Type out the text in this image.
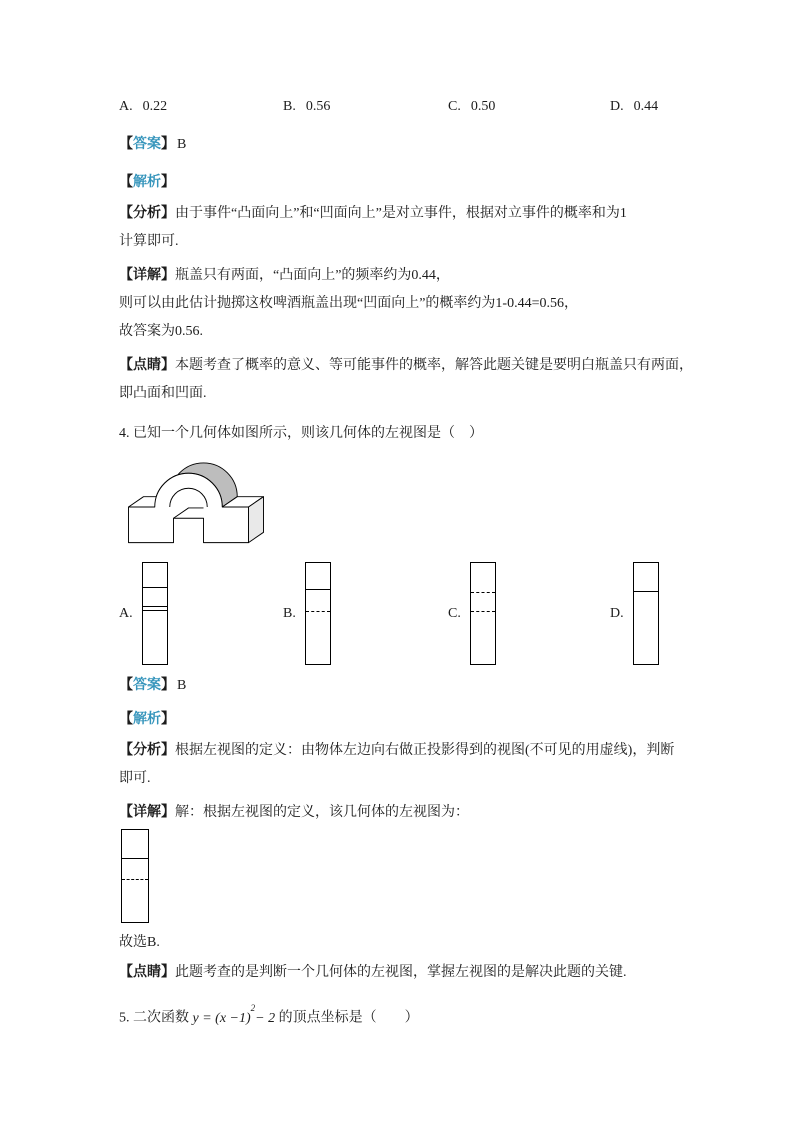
A. 0.22	B. 0.56	C. 0.50	D. 0.44
【答案】 B
【解析】
【分析】由于事件“凸面向上”和“凹面向上”是对立事件，根据对立事件的概率和为1
计算即可.
【详解】瓶盖只有两面，“凸面向上”的频率约为0.44，
则可以由此估计抛掷这枚啤酒瓶盖出现“凹面向上”的概率约为1-0.44=0.56，
故答案为0.56.
【点睛】本题考查了概率的意义、等可能事件的概率，解答此题关键是要明白瓶盖只有两面，
即凸面和凹面.
4. 已知一个几何体如图所示，则该几何体的左视图是（　）
A.	B.	C.	D.
【答案】 B
【解析】
【分析】根据左视图的定义：由物体左边向右做正投影得到的视图(不可见的用虚线)，判断
即可.
【详解】解：根据左视图的定义，该几何体的左视图为：
故选B.
【点睛】此题考查的是判断一个几何体的左视图，掌握左视图的是解决此题的关键.
5. 二次函数 $y = (x -1)^2- 2$ 的顶点坐标是（　　）
